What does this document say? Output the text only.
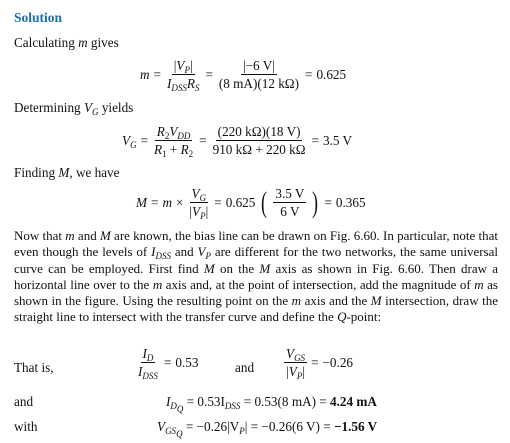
Solution
Calculating m gives
$m = \frac{|V_P|}{I_{DSS}R_S} = \frac{|-6 V|}{(8 mA)(12 k\Omega)} = 0.625$
Determining $V_G$ yields
$V_G = \frac{R_2V_{DD}}{R_1 + R_2} = \frac{(220 k\Omega)(18 V)}{910 k\Omega + 220 k\Omega} = 3.5$ V
Finding M, we have
$M = m \times \frac{V_G}{|V_P|} = 0.625$ ( $\frac{3.5 V}{6 V}$ ) = 0.365
Now that m and M are known, the bias line can be drawn on Fig. 6.60. In particular, note that even though the levels of $I_{DSS}$ and $V_P$ are different for the two networks, the same universal curve can be employed. First find M on the M axis as shown in Fig. 6.60. Then draw a horizontal line over to the m axis and, at the point of intersection, add the magnitude of m as shown in the figure. Using the resulting point on the m axis and the M intersection, draw the straight line to intersect with the transfer curve and define the Q-point:
That is,	$\frac{I_D}{I_{DSS}} = 0.53$	and $\frac{V_{GS}}{|V_P|} = -0.26$
and	$I_{D_Q} = 0.53I_{DSS} = 0.53(8$ mA) = 4.24 mA
with	$V_{GS_Q} = -0.26|V_P| = -0.26(6$ V) = −1.56 V
